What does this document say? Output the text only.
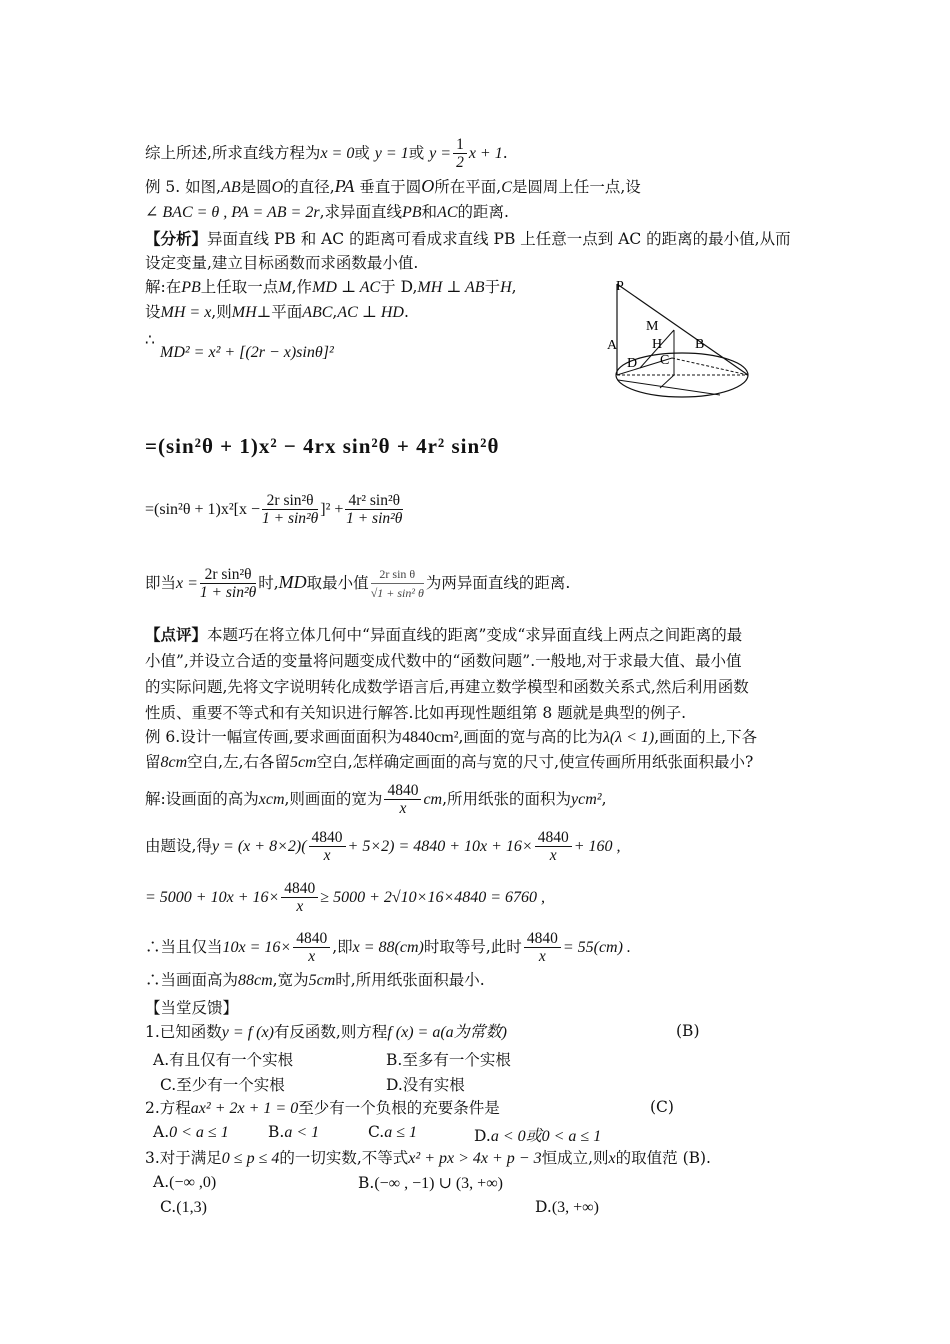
综上所述,所求直线方程为x = 0或 y = 1或 $y = \frac{1}{2}$ x + 1.
例 5. 如图,AB是圆O的直径,PA 垂直于圆O所在平面,C是圆周上任一点,设
∠ BAC = θ , PA = AB = 2r,求异面直线PB和AC的距离.
【分析】异面直线 PB 和 AC 的距离可看成求直线 PB 上任意一点到 AC 的距离的最小值,从而
设定变量,建立目标函数而求函数最小值.
解:在PB上任取一点M,作MD ⊥ AC于 D,MH ⊥ AB于H,
设MH = x,则MH⊥平面ABC,AC ⊥ HD.
∴
MD² = x² + [(2r − x)sinθ]²
P
M
A H B
D C
=(sin²θ + 1)x² − 4rx sin²θ + 4r² sin²θ
$=(\sin^2\theta + 1)x^2[x - \frac{\text{2r sin²θ}}{\text{1 + sin²θ}} ]^2 + \frac{\text{4r² sin²θ}}{\text{1 + sin²θ}}$
即当$x = \frac{\text{2r sin²θ}}{\text{1 + sin²θ}}$ 时,MD取最小值 $\frac{\text{2r sin θ}}{\text{√1 + sin² θ}}$ 为两异面直线的距离.
【点评】本题巧在将立体几何中“异面直线的距离”变成“求异面直线上两点之间距离的最
小值”,并设立合适的变量将问题变成代数中的“函数问题”.一般地,对于求最大值、最小值
的实际问题,先将文字说明转化成数学语言后,再建立数学模型和函数关系式,然后利用函数
性质、重要不等式和有关知识进行解答.比如再现性题组第 8 题就是典型的例子.
例 6.设计一幅宣传画,要求画面面积为4840cm²,画面的宽与高的比为λ(λ < 1),画面的上,下各
留8cm空白,左,右各留5cm空白,怎样确定画面的高与宽的尺寸,使宣传画所用纸张面积最小?
解:设画面的高为xcm,则画面的宽为 $\frac{4840}{x}$ cm,所用纸张的面积为ycm²,
由题设,得$y = (x + 8\times 2)( \frac{4840}{x} + 5\times 2) = 4840 + 10x + 16\times \frac{4840}{x} + 160$ ,
= $5000 + 10x + 16\times \frac{4840}{x} \ge 5000 + 2√10\times 16\times 4840 = 6760$ ,
∴当且仅当$10x = 16\times \frac{4840}{x}$ ,即x = 88(cm)时取等号,此时 $\frac{4840}{x} = 55(cm)$ .
∴当画面高为88cm,宽为5cm时,所用纸张面积最小.
【当堂反馈】
1.已知函数y = f (x)有反函数,则方程f (x) = a(a为常数)	(B)
A.有且仅有一个实根	B.至多有一个实根
C.至少有一个实根	D.没有实根
2.方程ax² + 2x + 1 = 0至少有一个负根的充要条件是	(C)
A.0 < a ≤ 1	B.a < 1	C.a ≤ 1	D.a < 0或0 < a ≤ 1
3.对于满足0 ≤ p ≤ 4的一切实数,不等式x² + px > 4x + p − 3恒成立,则x的取值范 (B).
A.(−∞ ,0)	B.(−∞ , −1) ∪ (3, +∞)
C.(1,3)	D.(3, +∞)
